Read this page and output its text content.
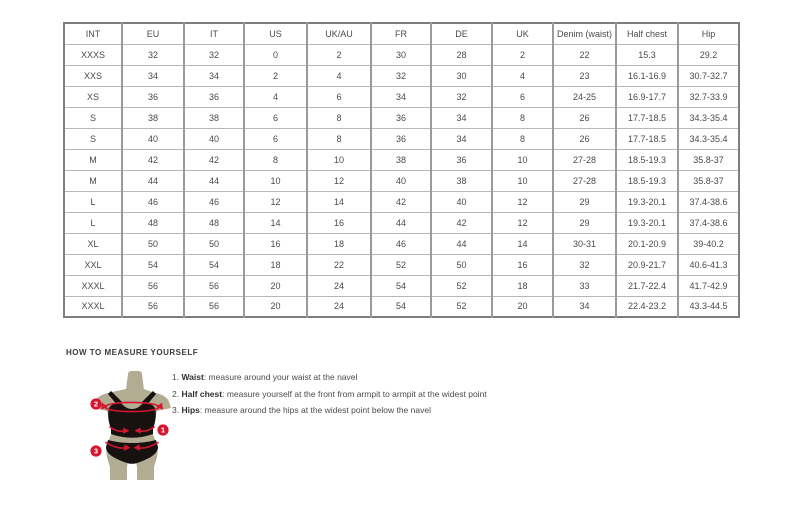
INT	EU	IT	US	UK/AU	FR	DE	UK	Denim (waist)	Half chest	Hip
XXXS	32	32	0	2	30	28	2	22	15.3	29.2
XXS	34	34	2	4	32	30	4	23	16.1-16.9	30.7-32.7
XS	36	36	4	6	34	32	6	24-25	16.9-17.7	32.7-33.9
S	38	38	6	8	36	34	8	26	17.7-18.5	34.3-35.4
S	40	40	6	8	36	34	8	26	17.7-18.5	34.3-35.4
M	42	42	8	10	38	36	10	27-28	18.5-19.3	35.8-37
M	44	44	10	12	40	38	10	27-28	18.5-19.3	35.8-37
L	46	46	12	14	42	40	12	29	19.3-20.1	37.4-38.6
L	48	48	14	16	44	42	12	29	19.3-20.1	37.4-38.6
XL	50	50	16	18	46	44	14	30-31	20.1-20.9	39-40.2
XXL	54	54	18	22	52	50	16	32	20.9-21.7	40.6-41.3
XXXL	56	56	20	24	54	52	18	33	21.7-22.4	41.7-42.9
XXXL	56	56	20	24	54	52	20	34	22.4-23.2	43.3-44.5
HOW TO MEASURE YOURSELF
1. Waist: measure around your waist at the navel
2. Half chest: measure yourself at the front from armpit to armpit at the widest point
3. Hips: measure around the hips at the widest point below the navel
2
1
3
